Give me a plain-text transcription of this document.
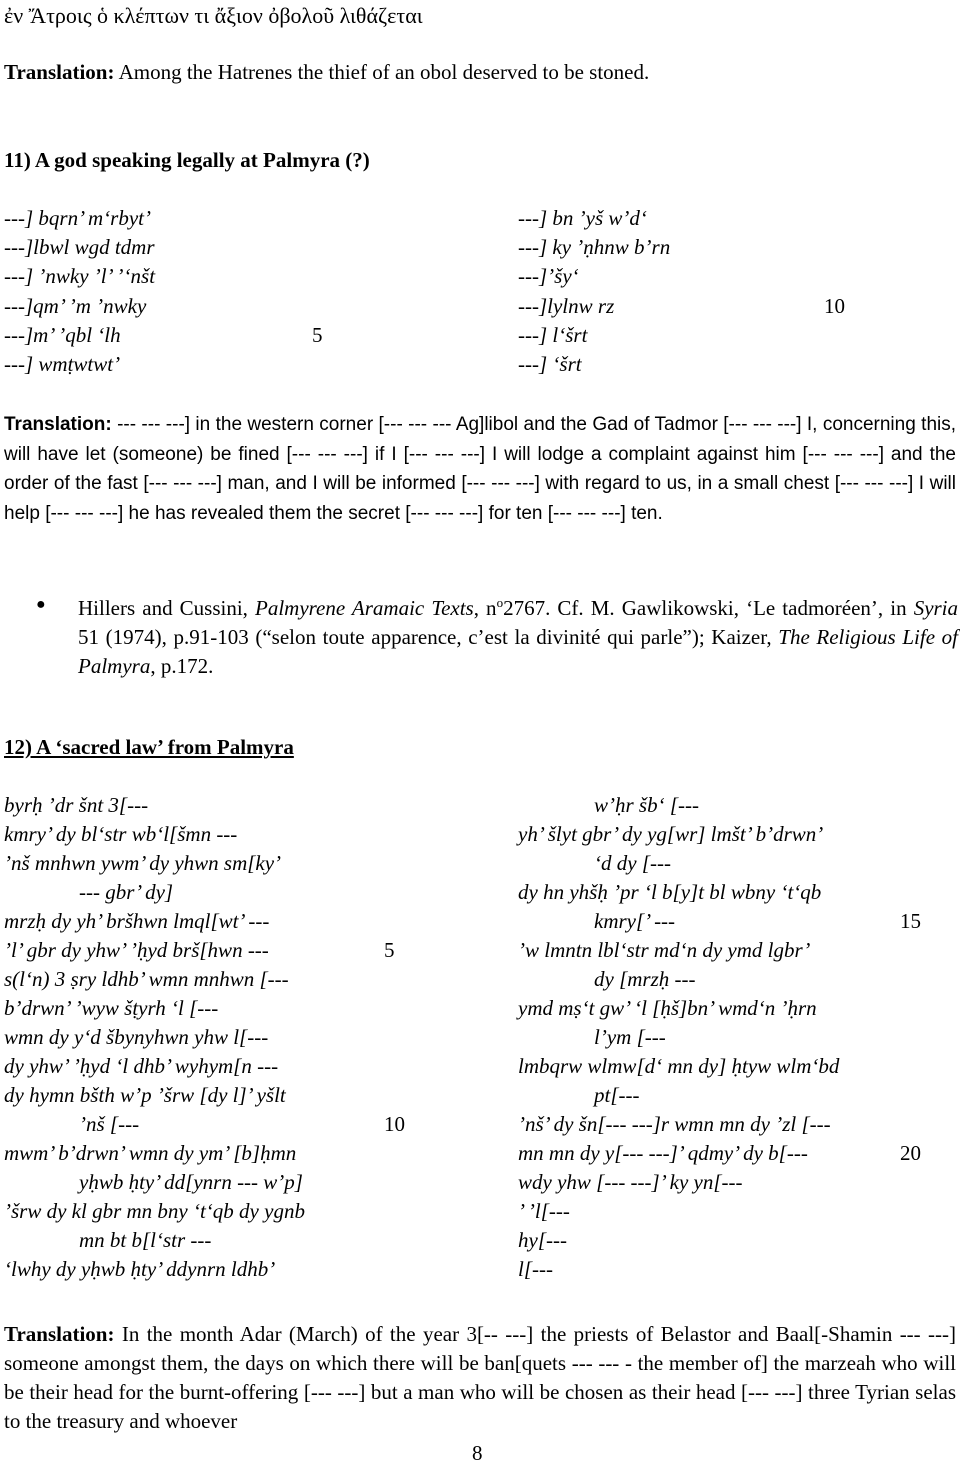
ἐν Ἄτροις ὁ κλέπτων τι ἄξιον ὀβολοῦ λιθάζεται
Translation: Among the Hatrenes the thief of an obol deserved to be stoned.
11) A god speaking legally at Palmyra (?)
---] bqrn’ m‘rbyt’
---]lbwl wgd tdmr
---] ’nwky ’l’ ’‘nšt
---]qm’ ’m ’nwky
---]m’ ’qbl ‘lh
---] wmṭwtwt’
5
---] bn ’yš w’d‘
---] ky ’ṇhnw b’rn
---]’šy‘
---]lylnw rz
---] l‘šrt
---] ‘šrt
10
Translation: --- --- ---] in the western corner [--- --- --- Ag]libol and the Gad of Tadmor [--- --- ---] I, concerning this, will have let (someone) be fined [--- --- ---] if I [--- --- ---] I will lodge a complaint against him [--- --- ---] and the order of the fast [--- --- ---] man, and I will be informed [--- --- ---] with regard to us, in a small chest [--- --- ---] I will help [--- --- ---] he has revealed them the secret [--- --- ---] for ten [--- --- ---] ten.
● Hillers and Cussini, Palmyrene Aramaic Texts, $n^o2767$. Cf. M. Gawlikowski, ‘Le tadmoréen’, in Syria 51 (1974), p.91-103 (“selon toute apparence, c’est la divinité qui parle”); Kaizer, The Religious Life of Palmyra, p.172.
12) A ‘sacred law’ from Palmyra
byrḥ ’dr šnt 3[---
kmry’ dy bl‘str wb‘l[šmn ---
’nš mnhwn ywm’ dy yhwn sm[ky’
--- gbr’ dy]
mrzḥ dy yh’ bršhwn lmql[wt’ ---
’l’ gbr dy yhw’ ’ḥyd brš[hwn ---
s(l‘n) 3 ṣry ldhb’ wmn mnhwn [---
b’drwn’ ’wyw šṭyrh ‘l [---
wmn dy y‘d šbynyhwn yhw l[---
dy yhw’ ’ḥyd ‘l dhb’ wyhym[n ---
dy hymn bšth w’p ’šrw [dy l]’ yšlt
’nš [---
mwm’ b’drwn’ wmn dy ym’ [b]ḥmn
yḥwb ḥty’ dd[ynrn --- w’p]
’šrw dy kl gbr mn bny ‘t‘qb dy ygnb
mn bt b[l‘str ---
‘lwhy dy yḥwb ḥty’ ddynrn ldhb’
5
10
w’ḥr šb‘ [---
yh’ šlyt gbr’ dy yg[wr] lmšt’ b’drwn’
‘d dy [---
dy hn yhšḥ ’pr ‘l b[y]t bl wbny ‘t‘qb
kmry[’ ---
’w lmntn lbl‘str md‘n dy ymd lgbr’
dy [mrzḥ ---
ymd mṣ‘t gw’ ‘l [ḥš]bn’ wmd‘n ’ḥrn
l’ym [---
lmbqrw wlmw[d‘ mn dy] ḥtyw wlm‘bd
pt[---
’nš’ dy šn[--- ---]r wmn mn dy ’zl [---
mn mn dy y[--- ---]’ qdmy’ dy b[---
wdy yhw [--- ---]’ ky yn[---
’ ’l[---
hy[---
l[---
15
20
Translation: In the month Adar (March) of the year 3[-- ---] the priests of Belastor and Baal[-Shamin --- ---] someone amongst them, the days on which there will be ban[quets --- --- - the member of] the marzeah who will be their head for the burnt-offering [--- ---] but a man who will be chosen as their head [--- ---] three Tyrian selas to the treasury and whoever
8
